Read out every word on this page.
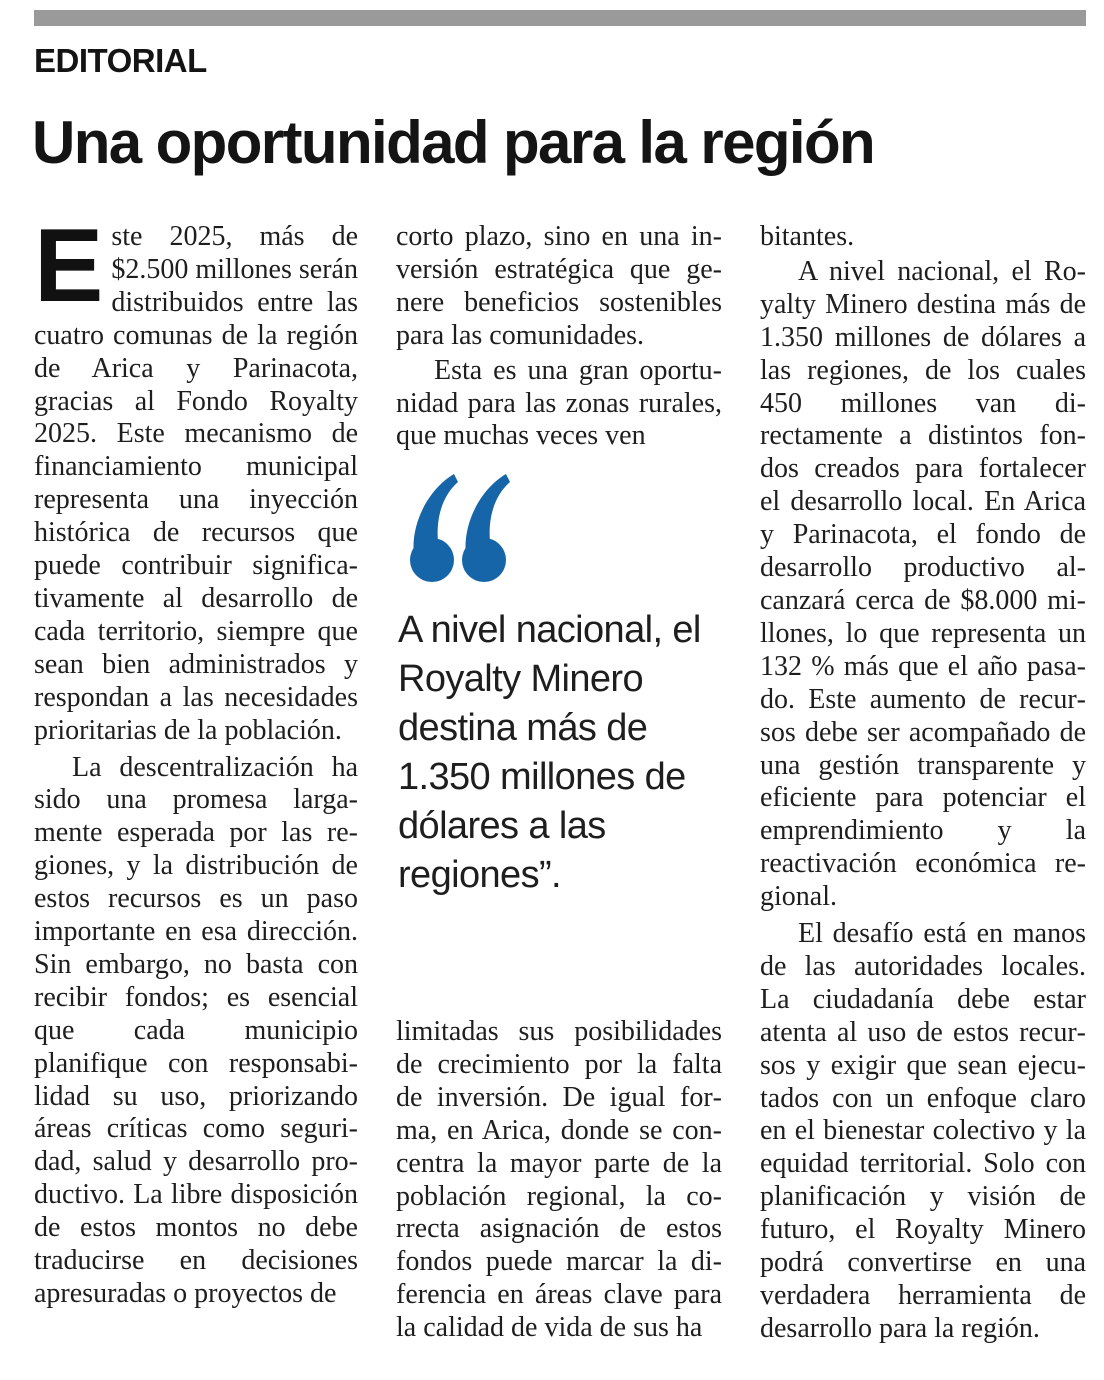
EDITORIAL
Una oportunidad para la región

Este 2025, más de $2.500 millones serán distribuidos entre las cuatro comunas de la región de Arica y Parinacota, gracias al Fondo Royalty 2025. Este mecanismo de financiamiento municipal representa una inyección histórica de recursos que puede contribuir significativamente al desarrollo de cada territorio, siempre que sean bien administrados y respondan a las necesidades prioritarias de la población.

La descentralización ha sido una promesa largamente esperada por las regiones, y la distribución de estos recursos es un paso importante en esa dirección. Sin embargo, no basta con recibir fondos; es esencial que cada municipio planifique con responsabilidad su uso, priorizando áreas críticas como seguridad, salud y desarrollo productivo. La libre disposición de estos montos no debe traducirse en decisiones apresuradas o proyectos de

corto plazo, sino en una inversión estratégica que genere beneficios sostenibles para las comunidades.

Esta es una gran oportunidad para las zonas rurales, que muchas veces ven

A nivel nacional, el Royalty Minero destina más de 1.350 millones de dólares a las regiones”.

limitadas sus posibilidades de crecimiento por la falta de inversión. De igual forma, en Arica, donde se concentra la mayor parte de la población regional, la correcta asignación de estos fondos puede marcar la diferencia en áreas clave para la calidad de vida de sus ha

bitantes.

A nivel nacional, el Royalty Minero destina más de 1.350 millones de dólares a las regiones, de los cuales 450 millones van directamente a distintos fondos creados para fortalecer el desarrollo local. En Arica y Parinacota, el fondo de desarrollo productivo alcanzará cerca de $8.000 millones, lo que representa un 132 % más que el año pasado. Este aumento de recursos debe ser acompañado de una gestión transparente y eficiente para potenciar el emprendimiento y la reactivación económica regional.

El desafío está en manos de las autoridades locales. La ciudadanía debe estar atenta al uso de estos recursos y exigir que sean ejecutados con un enfoque claro en el bienestar colectivo y la equidad territorial. Solo con planificación y visión de futuro, el Royalty Minero podrá convertirse en una verdadera herramienta de desarrollo para la región.
